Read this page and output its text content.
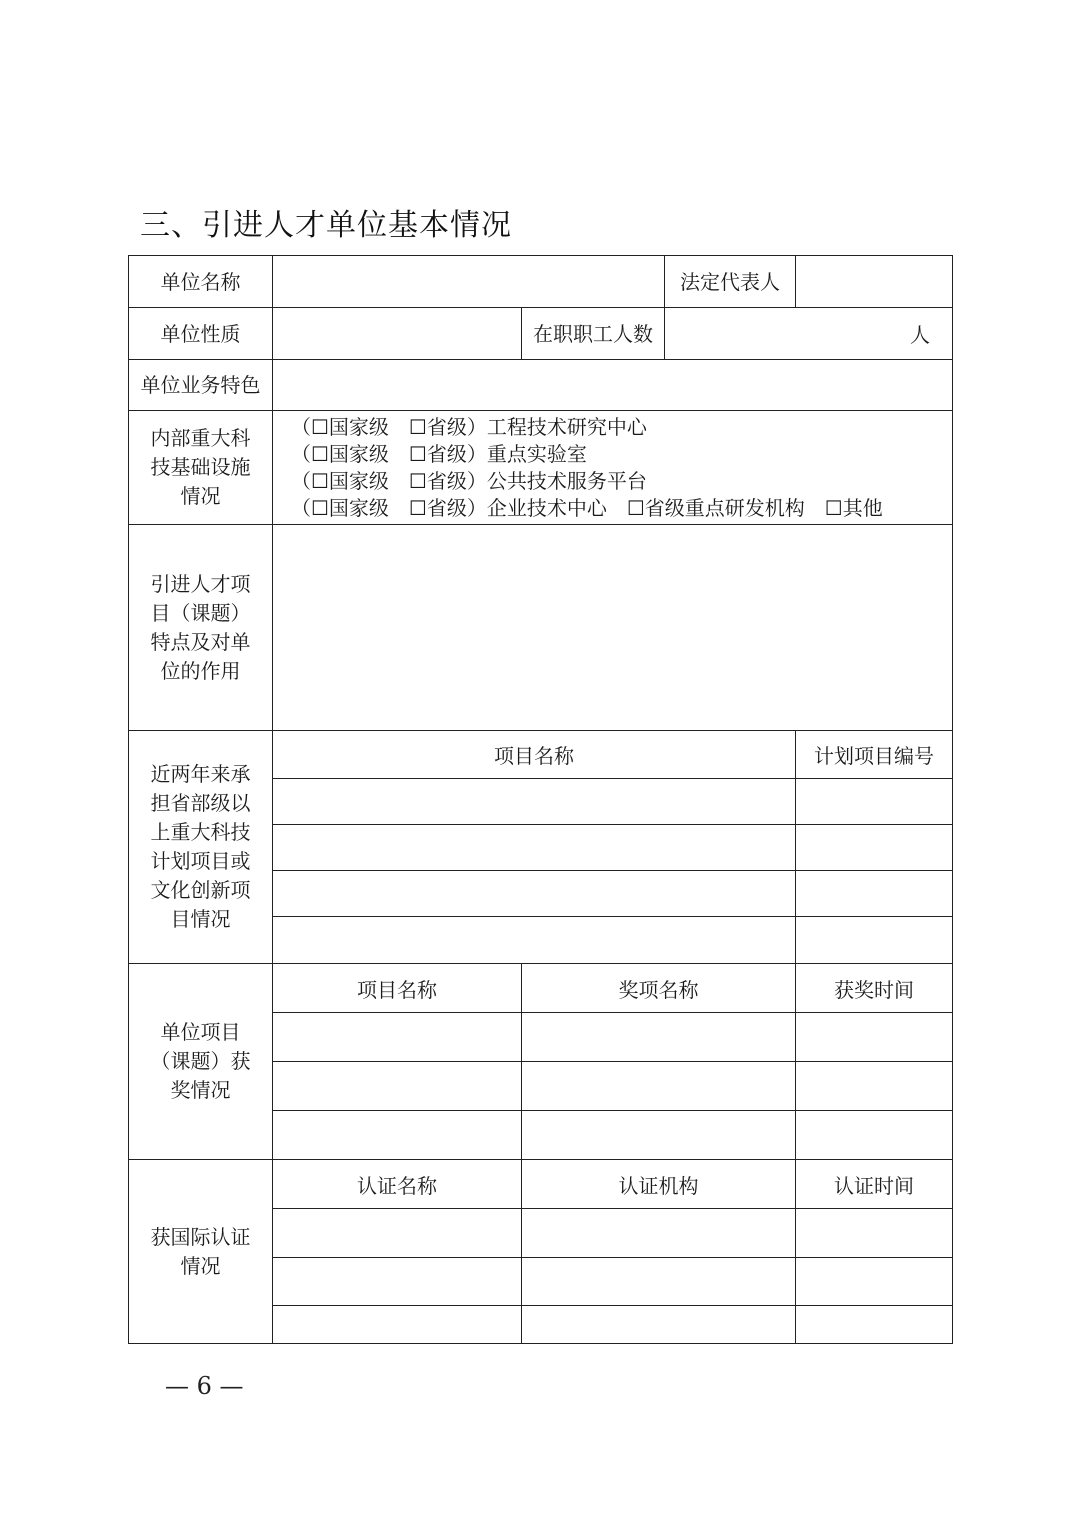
三、引进人才单位基本情况
单位名称			法定代表人	
单位性质		在职职工人数	人	
单位业务特色				
内部重大科技基础设施情况	（☐国家级　☐省级）工程技术研究中心
（☐国家级　☐省级）重点实验室
（☐国家级　☐省级）公共技术服务平台
（☐国家级　☐省级）企业技术中心　☐省级重点研发机构　☐其他			

引进人才项目（课题）特点及对单位的作用				
近两年来承担省部级以上重大科技计划项目或文化创新项目情况	项目名称			计划项目编号

单位项目（课题）获奖情况	项目名称	奖项名称		获奖时间

获国际认证情况	认证名称	认证机构		认证时间

— 6 —
